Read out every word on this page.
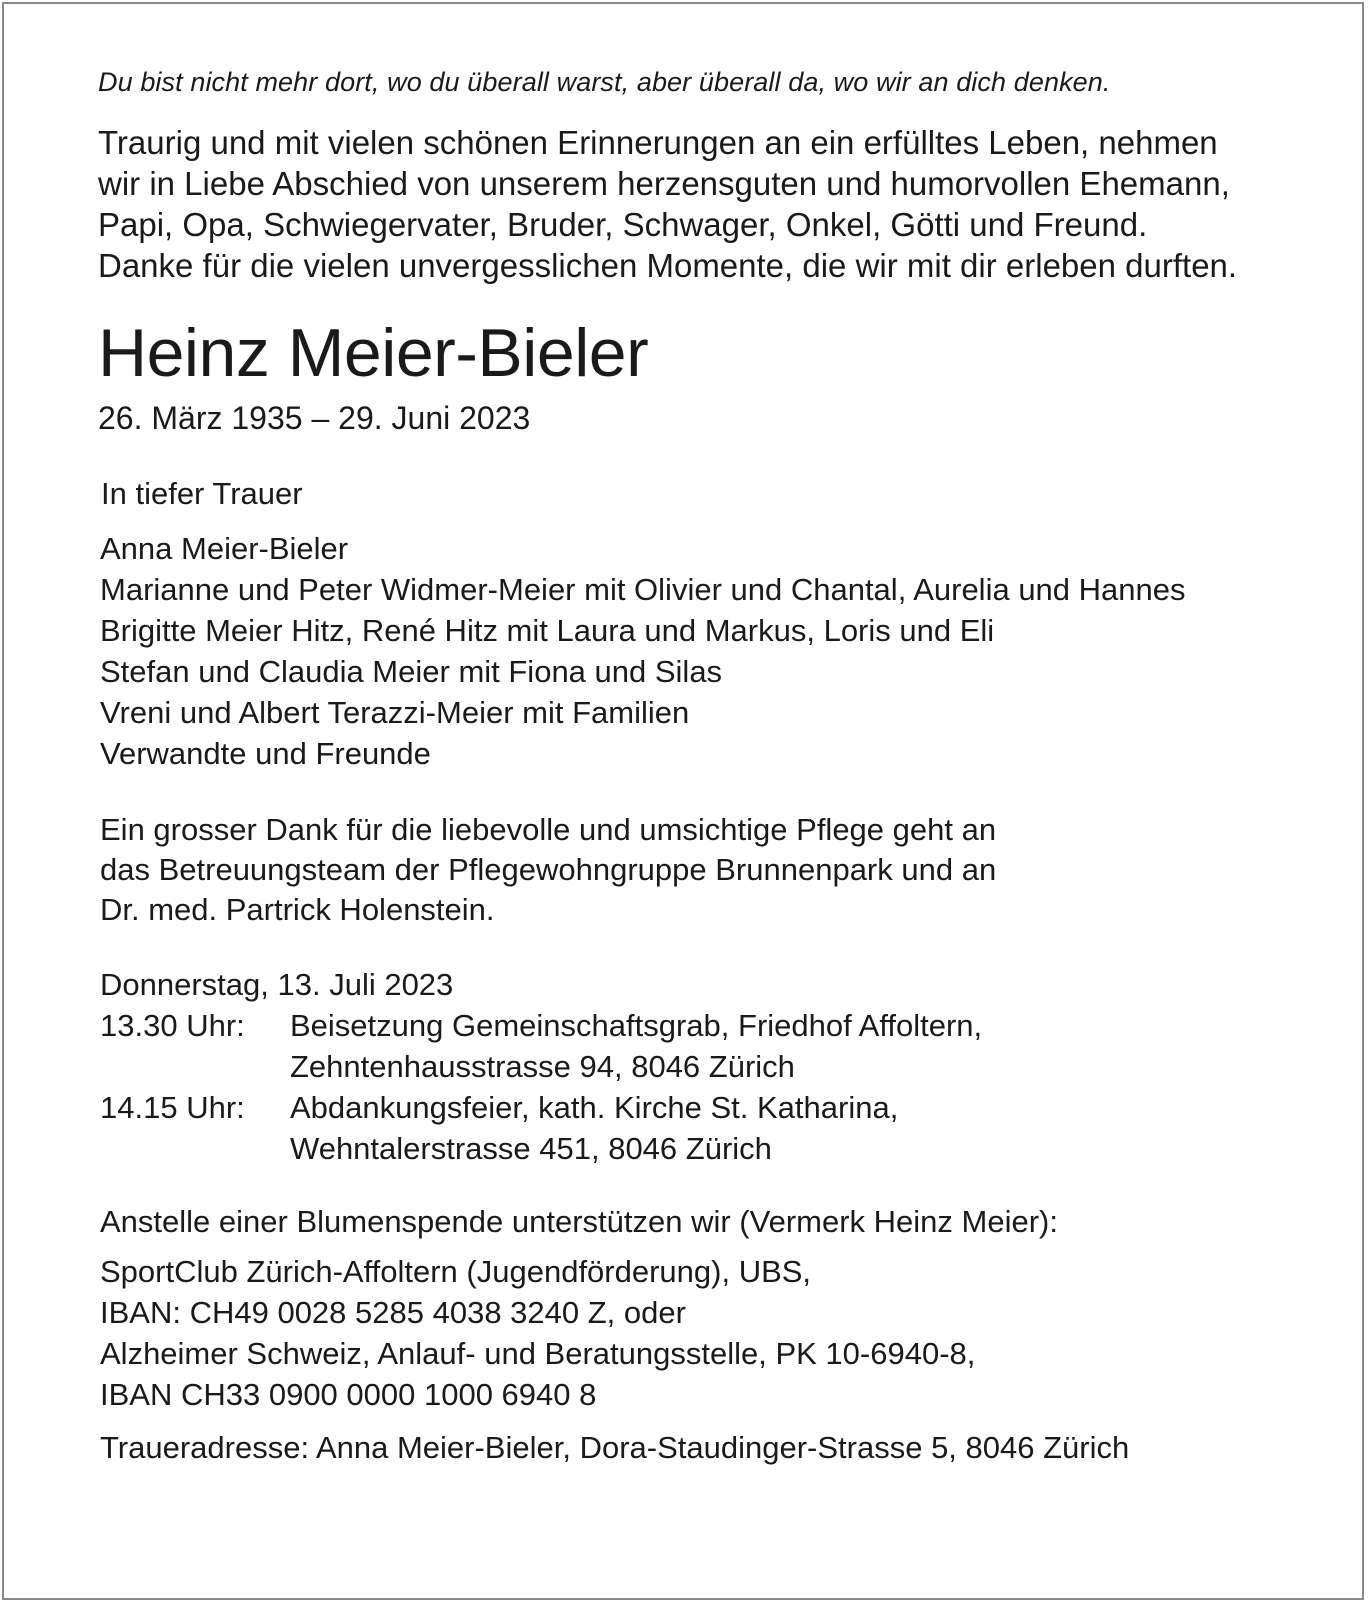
Du bist nicht mehr dort, wo du überall warst, aber überall da, wo wir an dich denken.

Traurig und mit vielen schönen Erinnerungen an ein erfülltes Leben, nehmen
wir in Liebe Abschied von unserem herzensguten und humorvollen Ehemann,
Papi, Opa, Schwiegervater, Bruder, Schwager, Onkel, Götti und Freund.
Danke für die vielen unvergesslichen Momente, die wir mit dir erleben durften.
Heinz Meier-Bieler
26. März 1935 – 29. Juni 2023
In tiefer Trauer
Anna Meier-Bieler
Marianne und Peter Widmer-Meier mit Olivier und Chantal, Aurelia und Hannes
Brigitte Meier Hitz, René Hitz mit Laura und Markus, Loris und Eli
Stefan und Claudia Meier mit Fiona und Silas
Vreni und Albert Terazzi-Meier mit Familien
Verwandte und Freunde
Ein grosser Dank für die liebevolle und umsichtige Pflege geht an
das Betreuungsteam der Pflegewohngruppe Brunnenpark und an
Dr. med. Partrick Holenstein.
Donnerstag, 13. Juli 2023
13.30 Uhr:	Beisetzung Gemeinschaftsgrab, Friedhof Affoltern,
Zehntenhausstrasse 94, 8046 Zürich
14.15 Uhr:	Abdankungsfeier, kath. Kirche St. Katharina,
Wehntalerstrasse 451, 8046 Zürich
Anstelle einer Blumenspende unterstützen wir (Vermerk Heinz Meier):
SportClub Zürich-Affoltern (Jugendförderung), UBS,
IBAN: CH49 0028 5285 4038 3240 Z, oder
Alzheimer Schweiz, Anlauf- und Beratungsstelle, PK 10-6940-8,
IBAN CH33 0900 0000 1000 6940 8
Traueradresse: Anna Meier-Bieler, Dora-Staudinger-Strasse 5, 8046 Zürich
